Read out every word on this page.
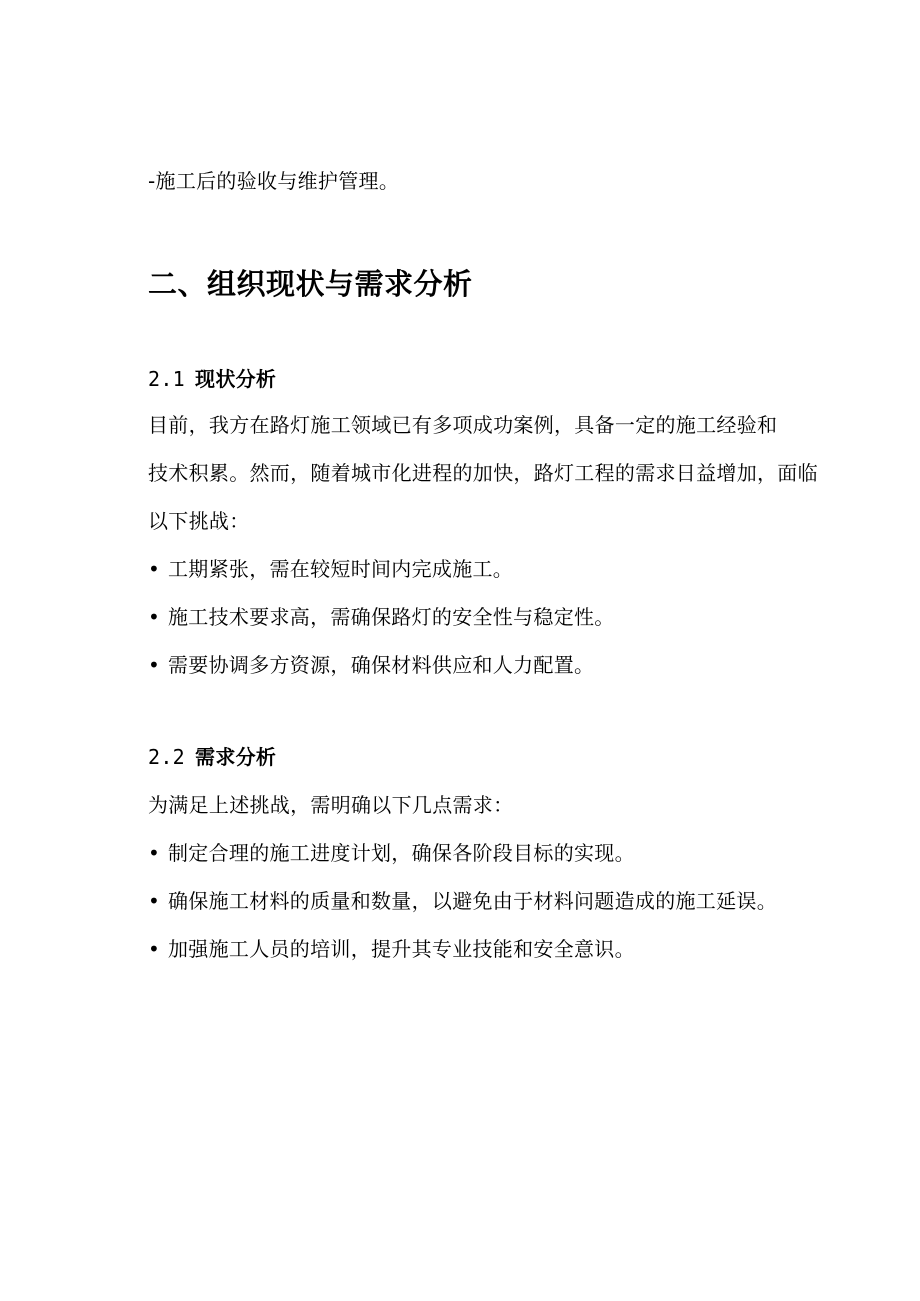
-施工后的验收与维护管理。

二、组织现状与需求分析
2.1 现状分析

目前，我方在路灯施工领域已有多项成功案例，具备一定的施工经验和

技术积累。然而，随着城市化进程的加快，路灯工程的需求日益增加，面临

以下挑战：

• 工期紧张，需在较短时间内完成施工。

• 施工技术要求高，需确保路灯的安全性与稳定性。

• 需要协调多方资源，确保材料供应和人力配置。

2.2 需求分析

为满足上述挑战，需明确以下几点需求：

• 制定合理的施工进度计划，确保各阶段目标的实现。

• 确保施工材料的质量和数量，以避免由于材料问题造成的施工延误。

• 加强施工人员的培训，提升其专业技能和安全意识。
